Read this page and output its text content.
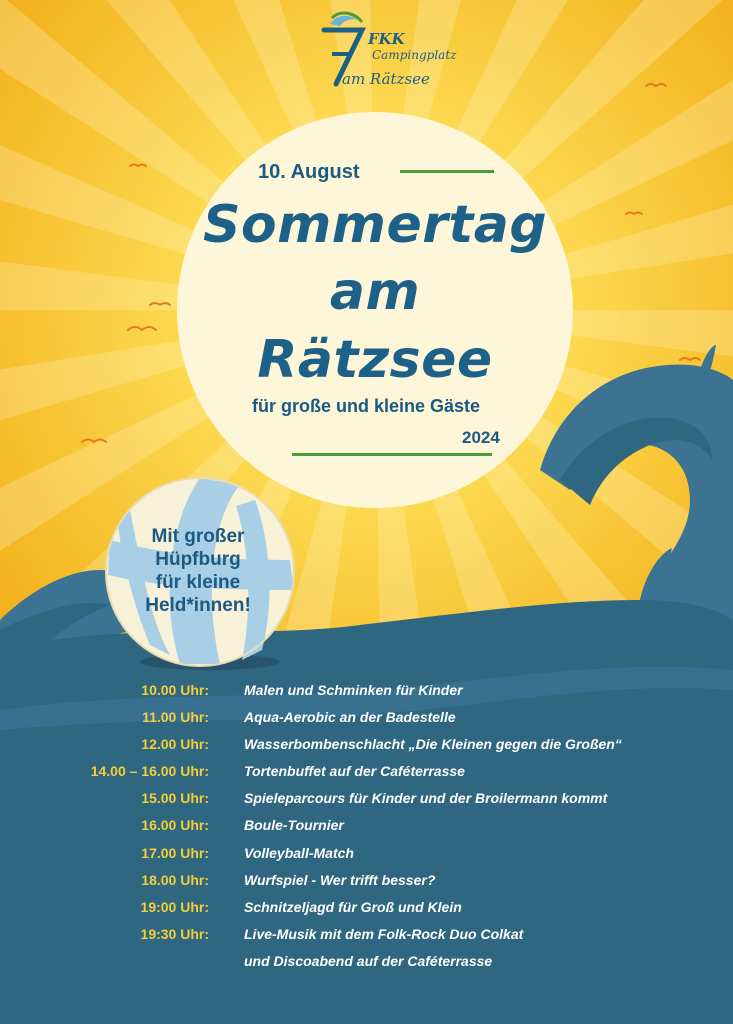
FKK
Campingplatz
am Rätzsee
10. August
Sommertag
am
Rätzsee
für große und kleine Gäste
2024
Mit großer
Hüpfburg
für kleine
Held*innen!
10.00 Uhr:	Malen und Schminken für Kinder
11.00 Uhr:	Aqua-Aerobic an der Badestelle
12.00 Uhr:	Wasserbombenschlacht „Die Kleinen gegen die Großen“
14.00 – 16.00 Uhr:	Tortenbuffet auf der Caféterrasse
15.00 Uhr:	Spieleparcours für Kinder und der Broilermann kommt
16.00 Uhr:	Boule-Tournier
17.00 Uhr:	Volleyball-Match
18.00 Uhr:	Wurfspiel - Wer trifft besser?
19:00 Uhr:	Schnitzeljagd für Groß und Klein
19:30 Uhr:	Live-Musik mit dem Folk-Rock Duo Colkat
und Discoabend auf der Caféterrasse
